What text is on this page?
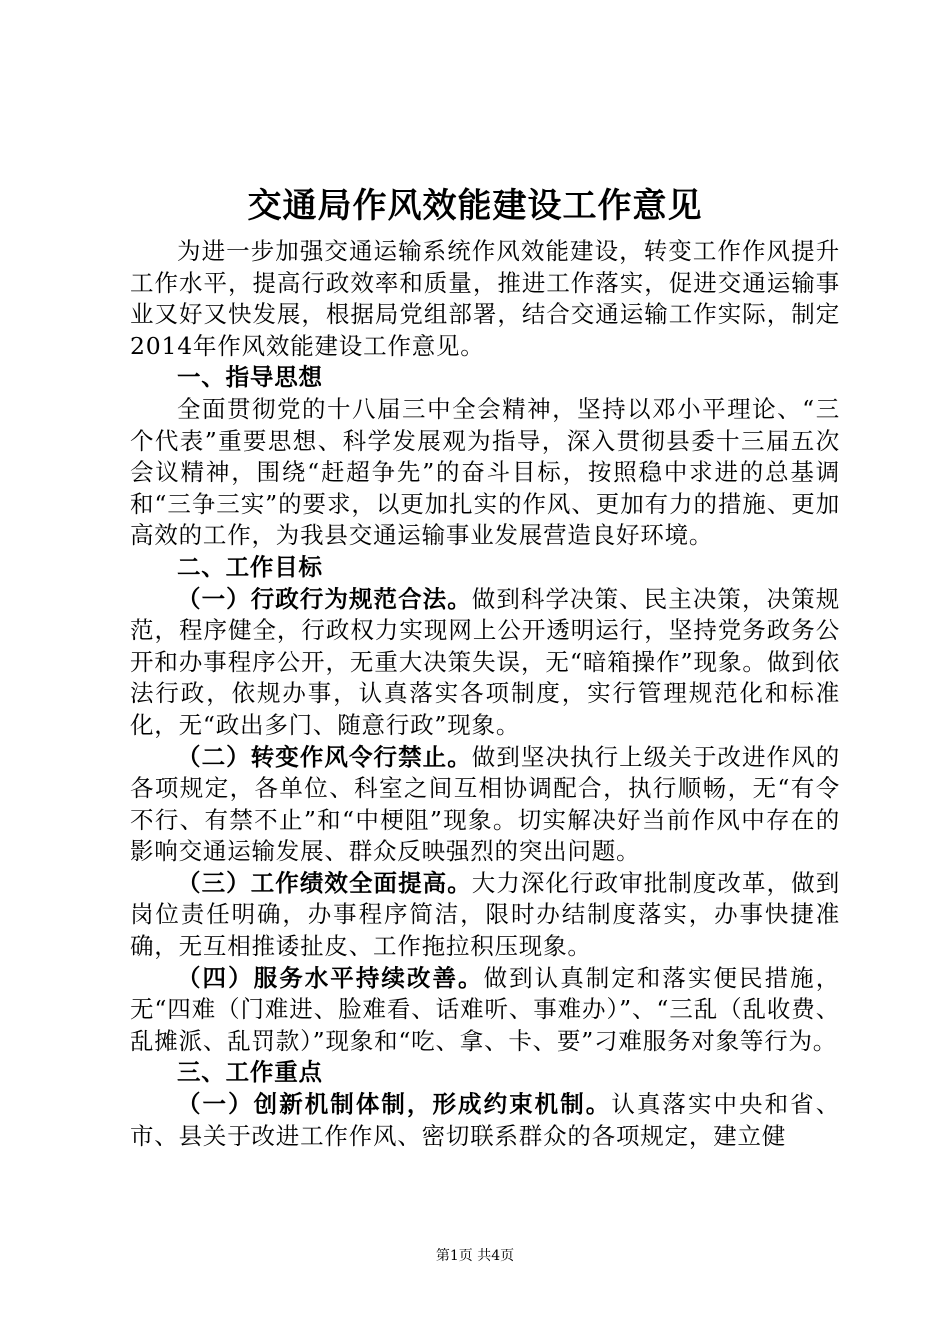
交通局作风效能建设工作意见

为进一步加强交通运输系统作风效能建设，转变工作作风提升工作水平，提高行政效率和质量，推进工作落实，促进交通运输事业又好又快发展，根据局党组部署，结合交通运输工作实际，制定2014年作风效能建设工作意见。

一、指导思想

全面贯彻党的十八届三中全会精神，坚持以邓小平理论、“三个代表”重要思想、科学发展观为指导，深入贯彻县委十三届五次会议精神，围绕“赶超争先”的奋斗目标，按照稳中求进的总基调和“三争三实”的要求，以更加扎实的作风、更加有力的措施、更加高效的工作，为我县交通运输事业发展营造良好环境。

二、工作目标

（一）行政行为规范合法。做到科学决策、民主决策，决策规范，程序健全，行政权力实现网上公开透明运行，坚持党务政务公开和办事程序公开，无重大决策失误，无“暗箱操作”现象。做到依法行政，依规办事，认真落实各项制度，实行管理规范化和标准化，无“政出多门、随意行政”现象。

（二）转变作风令行禁止。做到坚决执行上级关于改进作风的各项规定，各单位、科室之间互相协调配合，执行顺畅，无“有令不行、有禁不止”和“中梗阻”现象。切实解决好当前作风中存在的影响交通运输发展、群众反映强烈的突出问题。

（三）工作绩效全面提高。大力深化行政审批制度改革，做到岗位责任明确，办事程序简洁，限时办结制度落实，办事快捷准确，无互相推诿扯皮、工作拖拉积压现象。

（四）服务水平持续改善。做到认真制定和落实便民措施，无“四难（门难进、脸难看、话难听、事难办）”、“三乱（乱收费、乱摊派、乱罚款）”现象和“吃、拿、卡、要”刁难服务对象等行为。

三、工作重点

（一）创新机制体制，形成约束机制。认真落实中央和省、市、县关于改进工作作风、密切联系群众的各项规定，建立健

第1页 共4页
